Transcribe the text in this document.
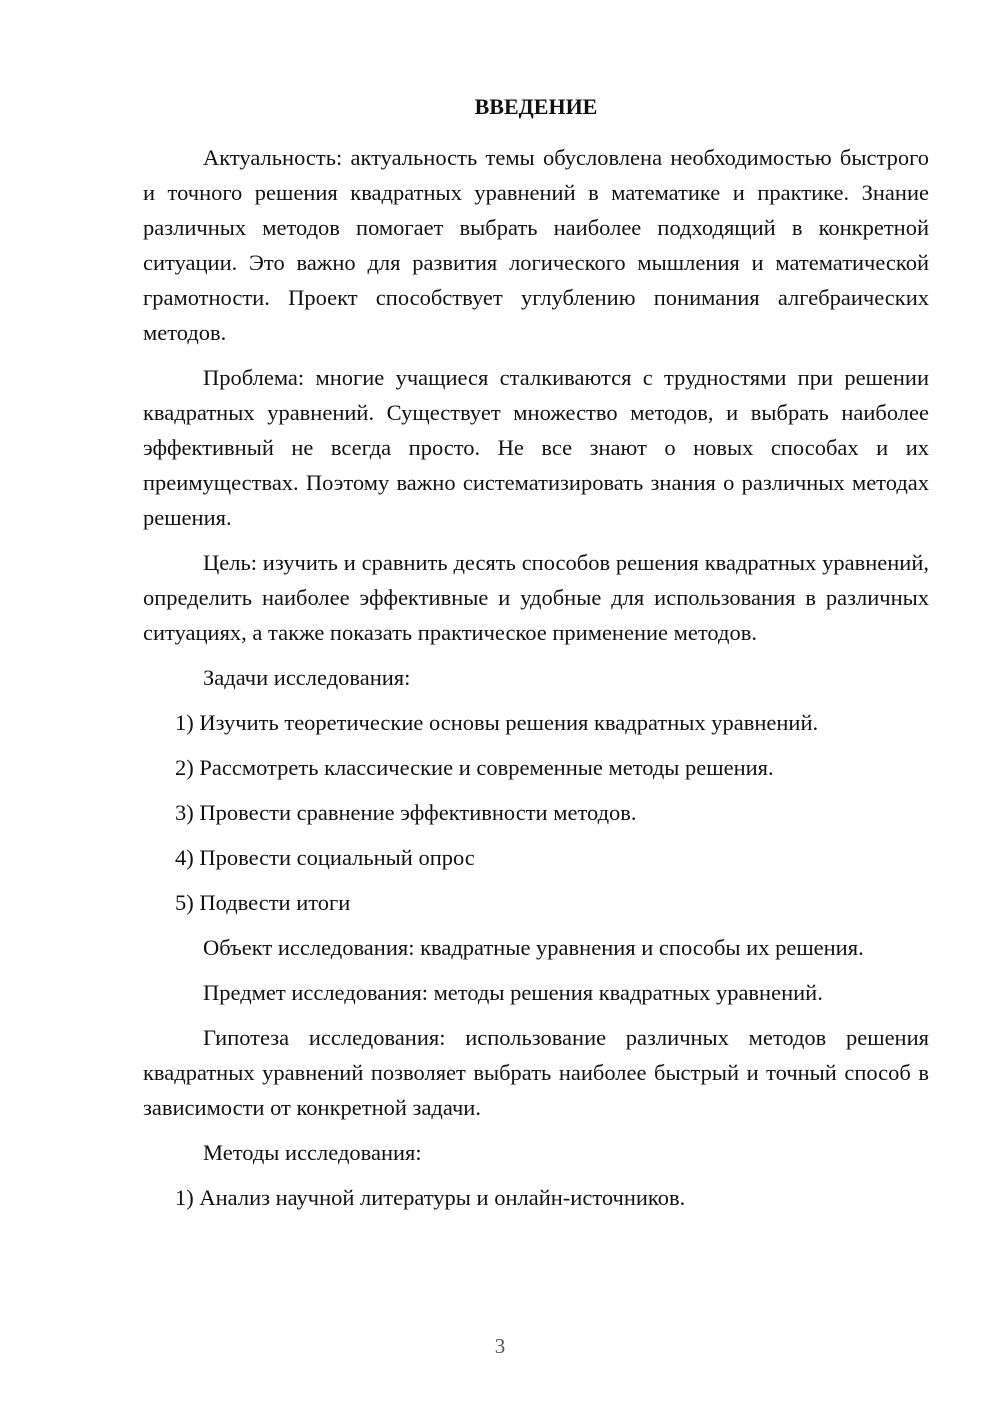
ВВЕДЕНИЕ

Актуальность: актуальность темы обусловлена необходимостью быстрого и точного решения квадратных уравнений в математике и практике. Знание различных методов помогает выбрать наиболее подходящий в конкретной ситуации. Это важно для развития логического мышления и математической грамотности. Проект способствует углублению понимания алгебраических методов.

Проблема: многие учащиеся сталкиваются с трудностями при решении квадратных уравнений. Существует множество методов, и выбрать наиболее эффективный не всегда просто. Не все знают о новых способах и их преимуществах. Поэтому важно систематизировать знания о различных методах решения.

Цель: изучить и сравнить десять способов решения квадратных уравнений, определить наиболее эффективные и удобные для использования в различных ситуациях, а также показать практическое применение методов.

Задачи исследования:

1) Изучить теоретические основы решения квадратных уравнений.

2) Рассмотреть классические и современные методы решения.

3) Провести сравнение эффективности методов.

4) Провести социальный опрос

5) Подвести итоги

Объект исследования: квадратные уравнения и способы их решения.

Предмет исследования: методы решения квадратных уравнений.

Гипотеза исследования: использование различных методов решения квадратных уравнений позволяет выбрать наиболее быстрый и точный способ в зависимости от конкретной задачи.

Методы исследования:

1) Анализ научной литературы и онлайн-источников.

3
